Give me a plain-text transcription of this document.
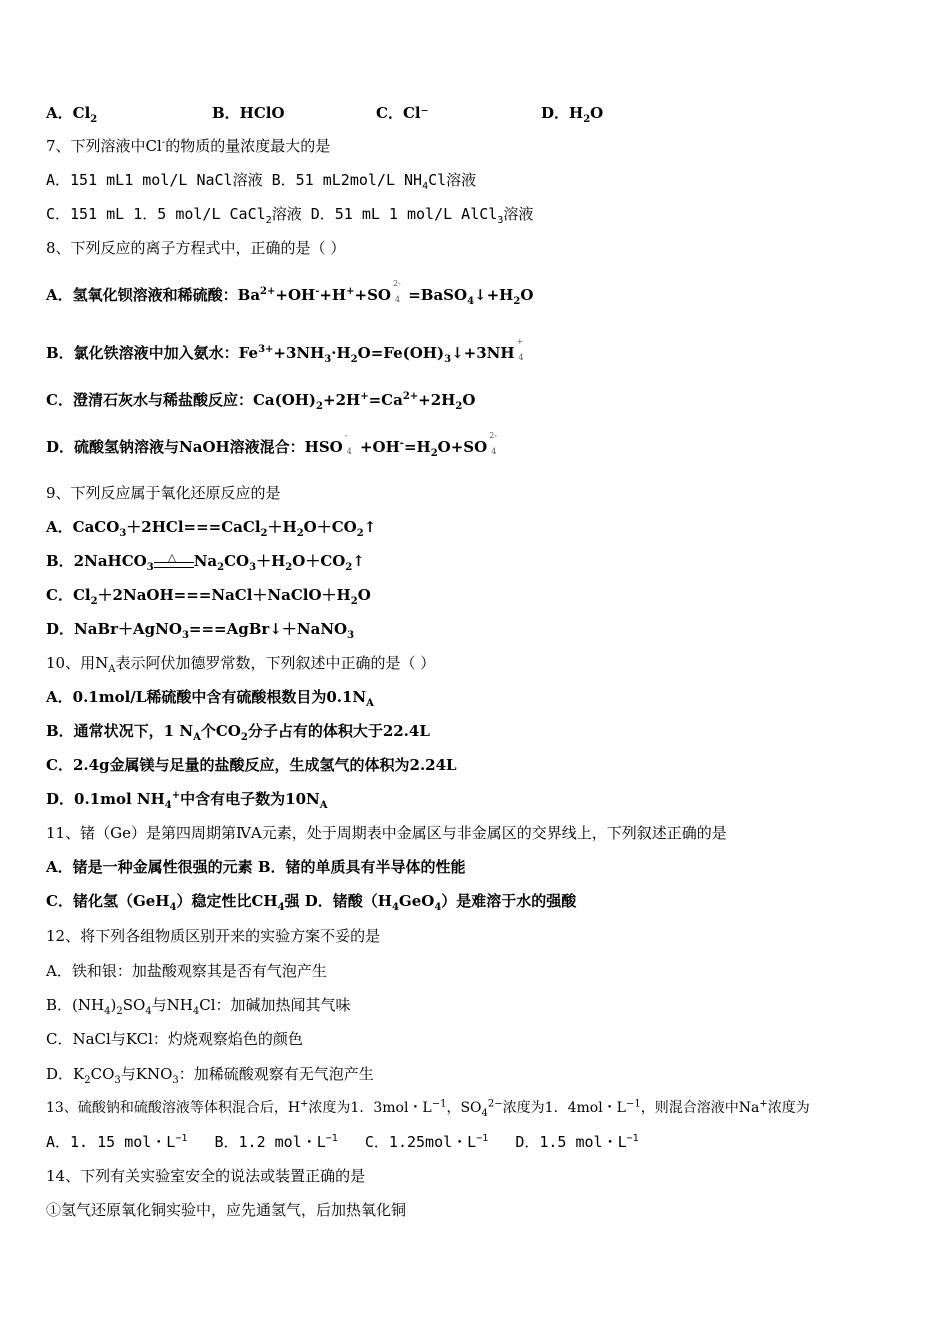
A．$Cl_2$	B．HClO	C．Cl⁻	D．$H_2O$
7、下列溶液中Cl-的物质的量浓度最大的是
A．151 mL1 mol/L NaCl溶液 B．51 mL2mol/L $NH_4Cl$溶液
C．151 mL 1．5 mol/L CaCl$_2$溶液 D．51 mL 1 mol/L AlCl$_3$溶液
8、下列反应的离子方程式中，正确的是（ ）
A．氢氧化钡溶液和稀硫酸：$Ba^{2+}+OH^-+H^++SO$
2-
$4 =BaSO_4↓+H_2O$
B．氯化铁溶液中加入氨水：$Fe^{3+}+3NH_3\cdot H_2O=Fe(OH)_3↓+3NH$
+
4
C．澄清石灰水与稀盐酸反应：$Ca(OH)_2+2H^+=Ca^{2+}+2H_2O$
D．硫酸氢钠溶液与NaOH溶液混合：HSO
-
$4 +OH^-=H_2O+SO$
2-
4
9、下列反应属于氧化还原反应的是
A．$CaCO_3+2HCl===CaCl_2+H_2O+CO_2↑$
B．2NaHCO$_3$
△ $Na_2CO_3+H_2O+CO_2↑$
C．$Cl_2+2NaOH===NaCl+NaClO+H_2O$
D．NaBr＋AgNO$_3$===AgBr↓＋NaNO$_3$
10、用$N_A$表示阿伏加德罗常数，下列叙述中正确的是（ ）
A．0.1mol/L稀硫酸中含有硫酸根数目为$0.1N_A$
B．通常状况下，1 $N_A$个$CO_2$分子占有的体积大于22.4L
C．2.4g金属镁与足量的盐酸反应，生成氢气的体积为2.24L
D．0.1mol $NH_4^+$中含有电子数为$10N_A$
11、锗（Ge）是第四周期第ⅣA元素，处于周期表中金属区与非金属区的交界线上，下列叙述正确的是
A．锗是一种金属性很强的元素 B．锗的单质具有半导体的性能
C．锗化氢（GeH$_4$）稳定性比$CH_4$强 D．锗酸$(H_4GeO_4)$是难溶于水的强酸
12、将下列各组物质区别开来的实验方案不妥的是
A．铁和银：加盐酸观察其是否有气泡产生
B．$(NH_4)_2SO_4$与$NH_4Cl$：加碱加热闻其气味
C．NaCl与KCl：灼烧观察焰色的颜色
D．$K_2CO_3$与$KNO_3$：加稀硫酸观察有无气泡产生
13、硫酸钠和硫酸溶液等体积混合后，H+浓度为1．3mol・$L^{-1}$，$SO_4^{2-}$浓度为1．4mol・$L^{-1}$，则混合溶液中Na+浓度为
A．1. 15 mol・$L^{-1}$ B．1.2 mol・$L^{-1}$ C．1.25mol・$L^{-1}$ D．1.5 mol・$L^{-1}$
14、下列有关实验室安全的说法或装置正确的是
①氢气还原氧化铜实验中，应先通氢气，后加热氧化铜
